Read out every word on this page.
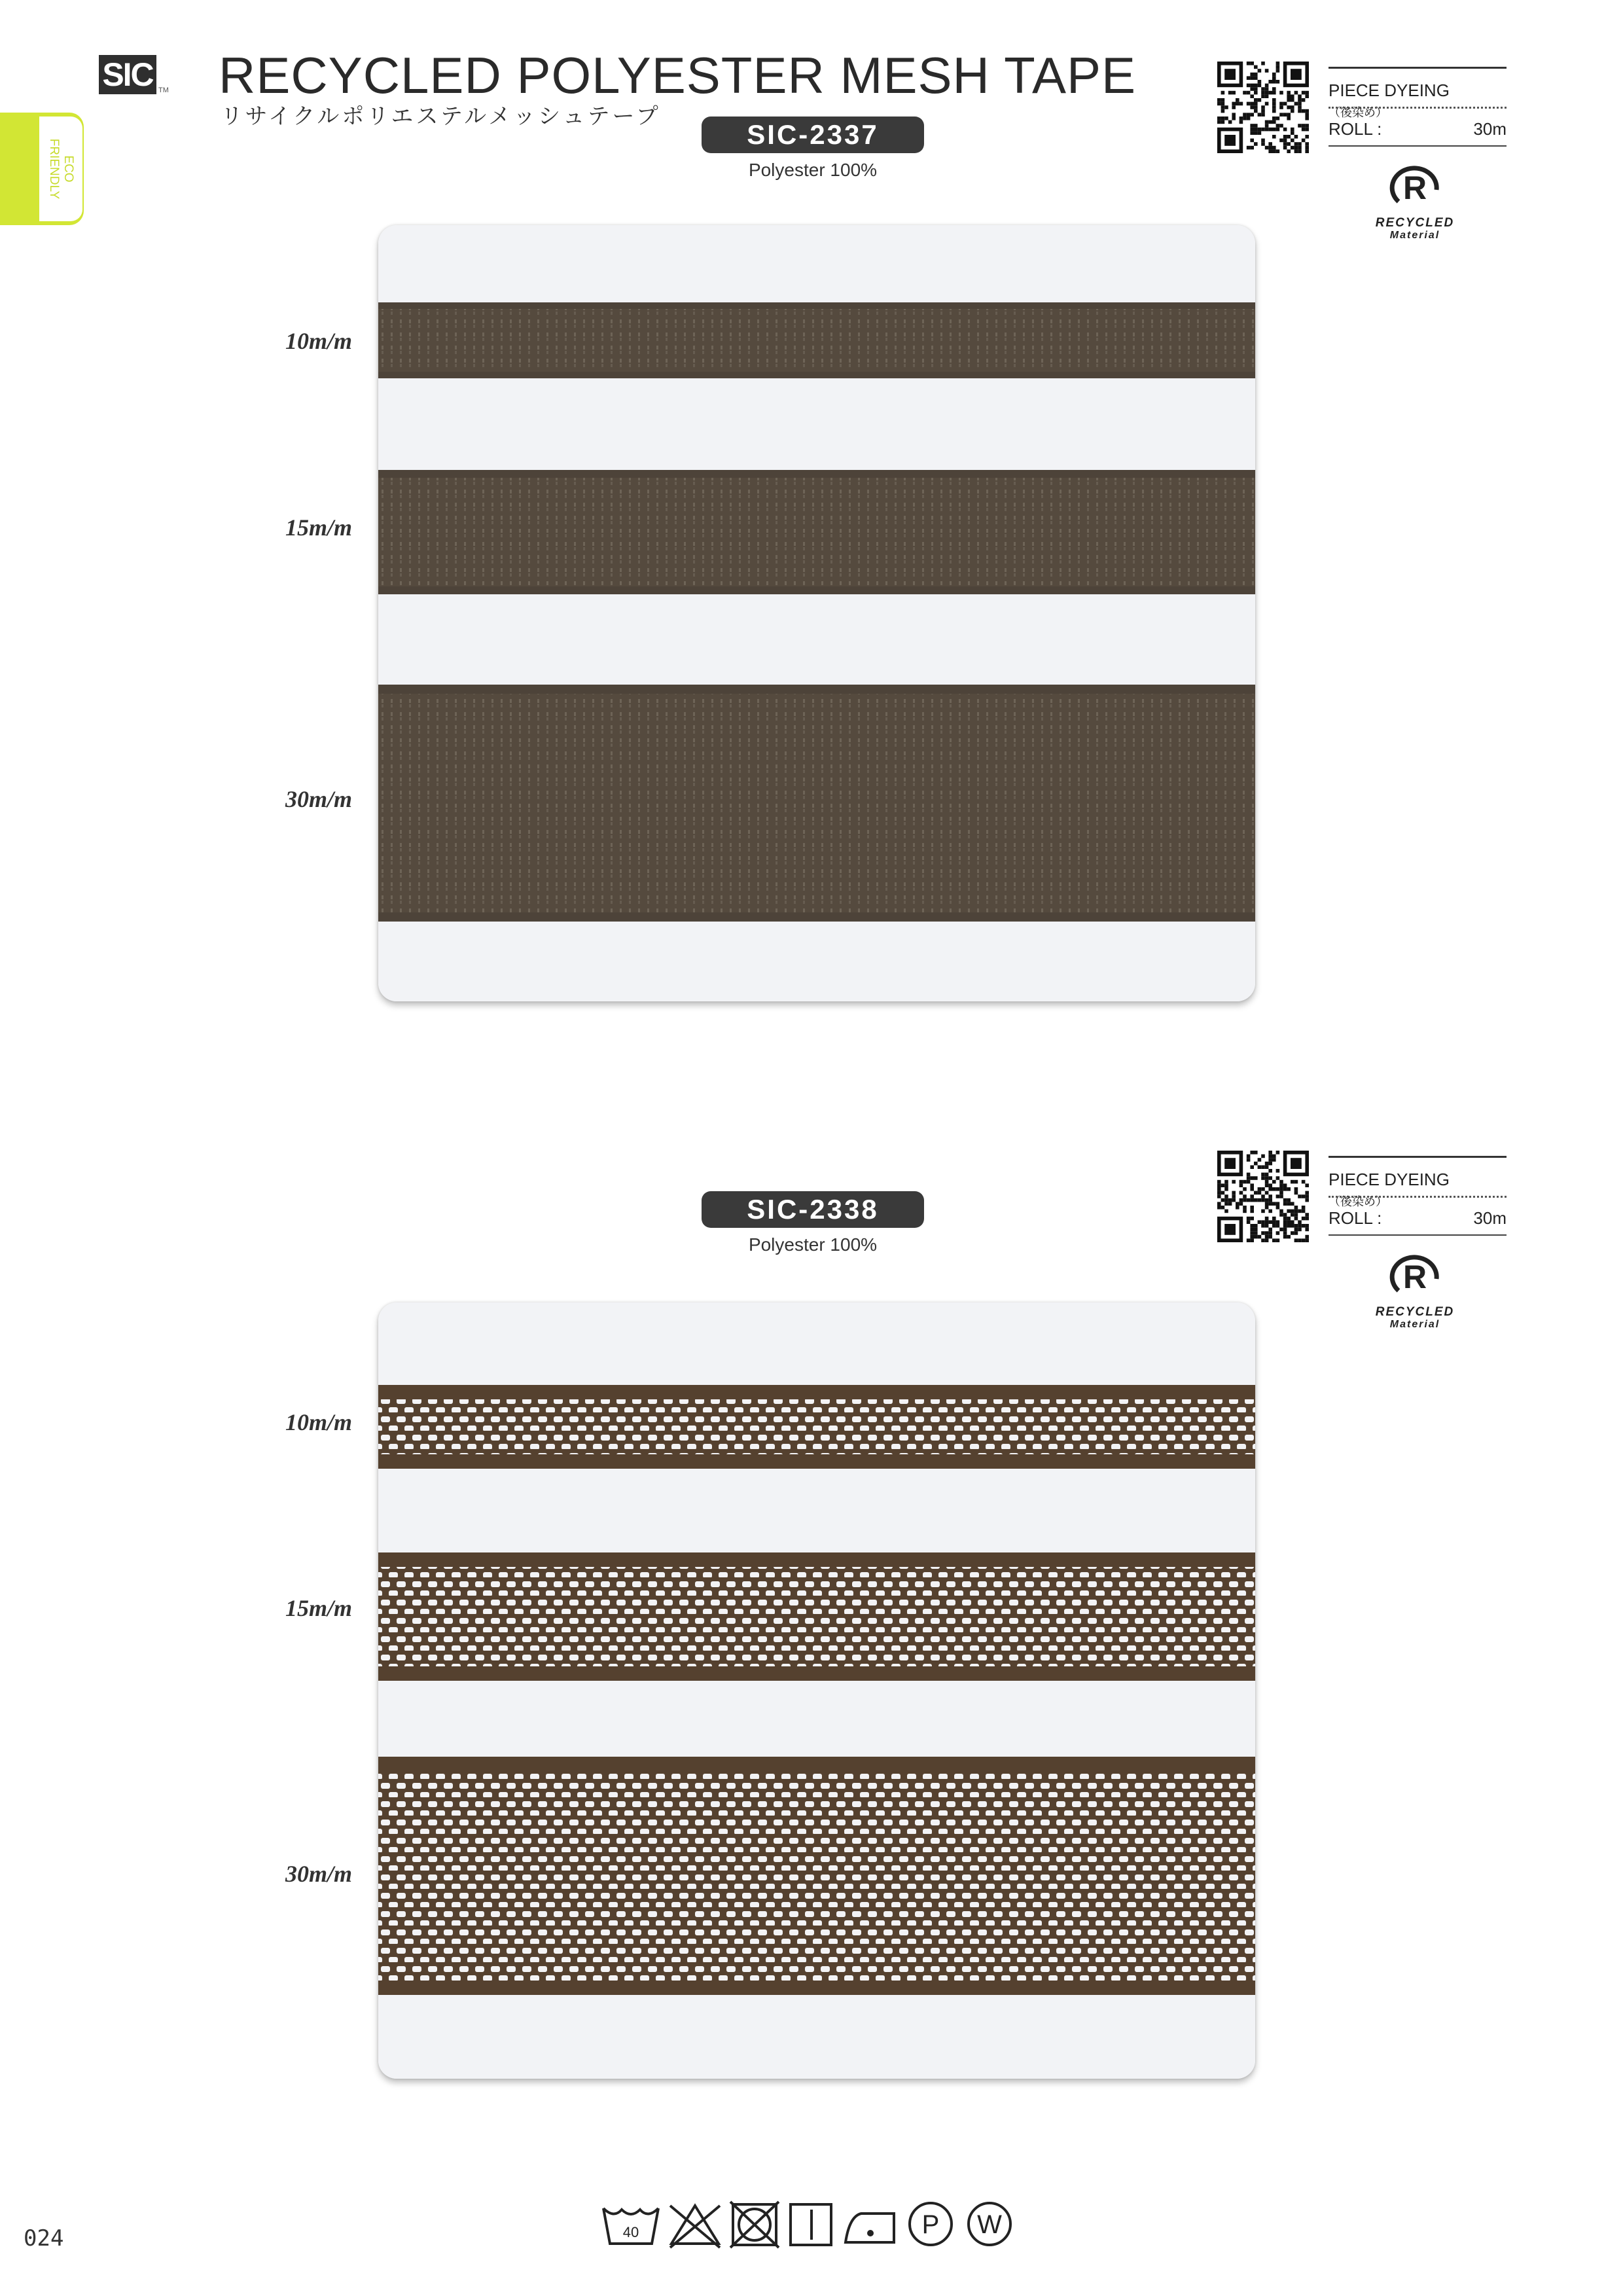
SIC TM RECYCLED POLYESTER MESH TAPE
リサイクルポリエステルメッシュテープ
ECO
FRIENDLY
SIC-2337
Polyester 100%
PIECE DYEING（後染め）
ROLL :	30m
R
RECYCLED
Material
10m/m
15m/m
30m/m
PIECE DYEING（後染め）
ROLL :	30m
R
RECYCLED
Material
SIC-2338
Polyester 100%
10m/m
15m/m
30m/m
40	P W
024
